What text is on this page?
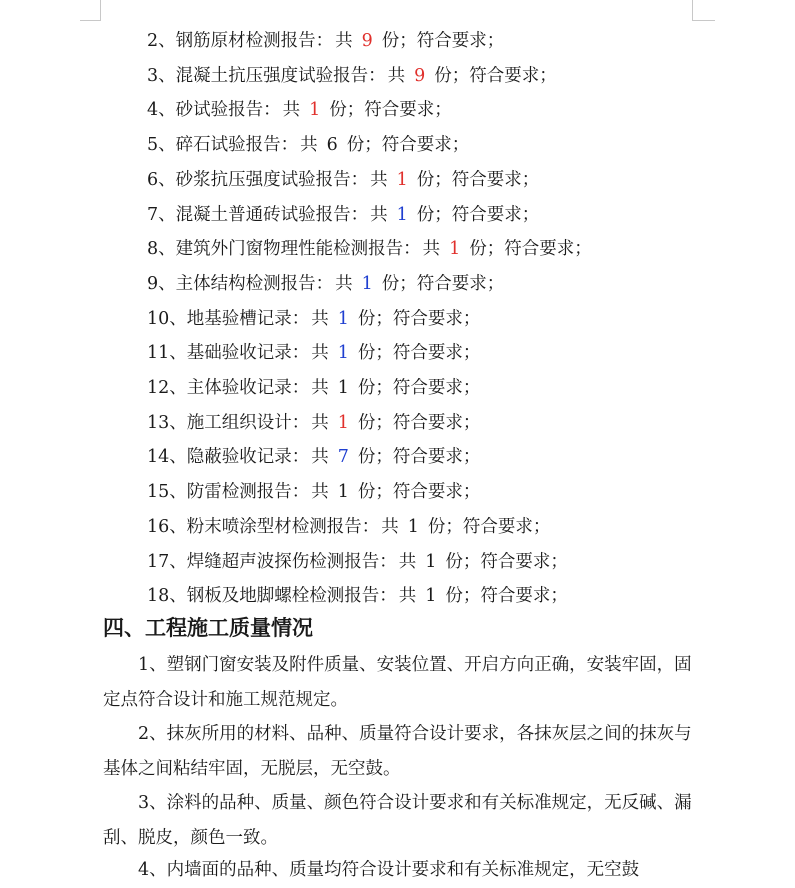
2、钢筋原材检测报告： 共 9 份；符合要求；
3、混凝土抗压强度试验报告： 共 9 份；符合要求；
4、砂试验报告： 共 1 份；符合要求；
5、碎石试验报告： 共 6 份；符合要求；
6、砂浆抗压强度试验报告： 共 1 份；符合要求；
7、混凝土普通砖试验报告： 共 1 份；符合要求；
8、建筑外门窗物理性能检测报告： 共 1 份；符合要求；
9、主体结构检测报告： 共 1 份；符合要求；
10、地基验槽记录： 共 1 份；符合要求；
11、基础验收记录： 共 1 份；符合要求；
12、主体验收记录： 共 1 份；符合要求；
13、施工组织设计： 共 1 份；符合要求；
14、隐蔽验收记录： 共 7 份；符合要求；
15、防雷检测报告： 共 1 份；符合要求；
16、粉末喷涂型材检测报告： 共 1 份；符合要求；
17、焊缝超声波探伤检测报告： 共 1 份；符合要求；
18、钢板及地脚螺栓检测报告： 共 1 份；符合要求；
四、工程施工质量情况
1、塑钢门窗安装及附件质量、安装位置、开启方向正确，安装牢固，固定点符合设计和施工规范规定。
2、抹灰所用的材料、品种、质量符合设计要求，各抹灰层之间的抹灰与基体之间粘结牢固，无脱层，无空鼓。
3、涂料的品种、质量、颜色符合设计要求和有关标准规定，无反碱、漏刮、脱皮，颜色一致。
4、内墙面的品种、质量均符合设计要求和有关标准规定，无空鼓
